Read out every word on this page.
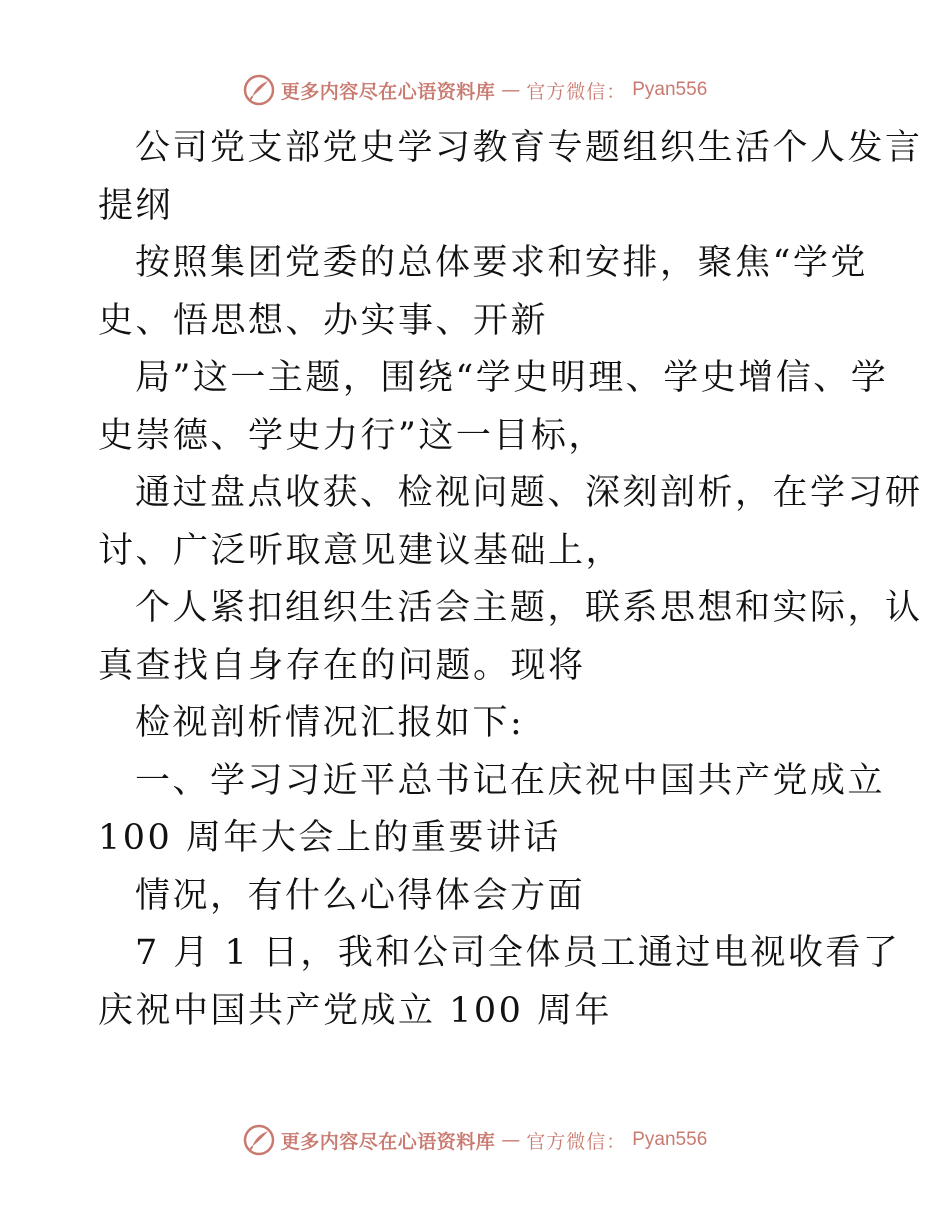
更多内容尽在心语资料库 — 官方微信： Pyan556
公司党支部党史学习教育专题组织生活个人发言
提纲
按照集团党委的总体要求和安排，聚焦“学党
史、悟思想、办实事、开新
局”这一主题，围绕“学史明理、学史增信、学
史崇德、学史力行”这一目标，
通过盘点收获、检视问题、深刻剖析，在学习研
讨、广泛听取意见建议基础上，
个人紧扣组织生活会主题，联系思想和实际，认
真查找自身存在的问题。现将
检视剖析情况汇报如下:
一、学习习近平总书记在庆祝中国共产党成立
100 周年大会上的重要讲话
情况，有什么心得体会方面
7 月 1 日，我和公司全体员工通过电视收看了
庆祝中国共产党成立 100 周年
更多内容尽在心语资料库 — 官方微信： Pyan556
